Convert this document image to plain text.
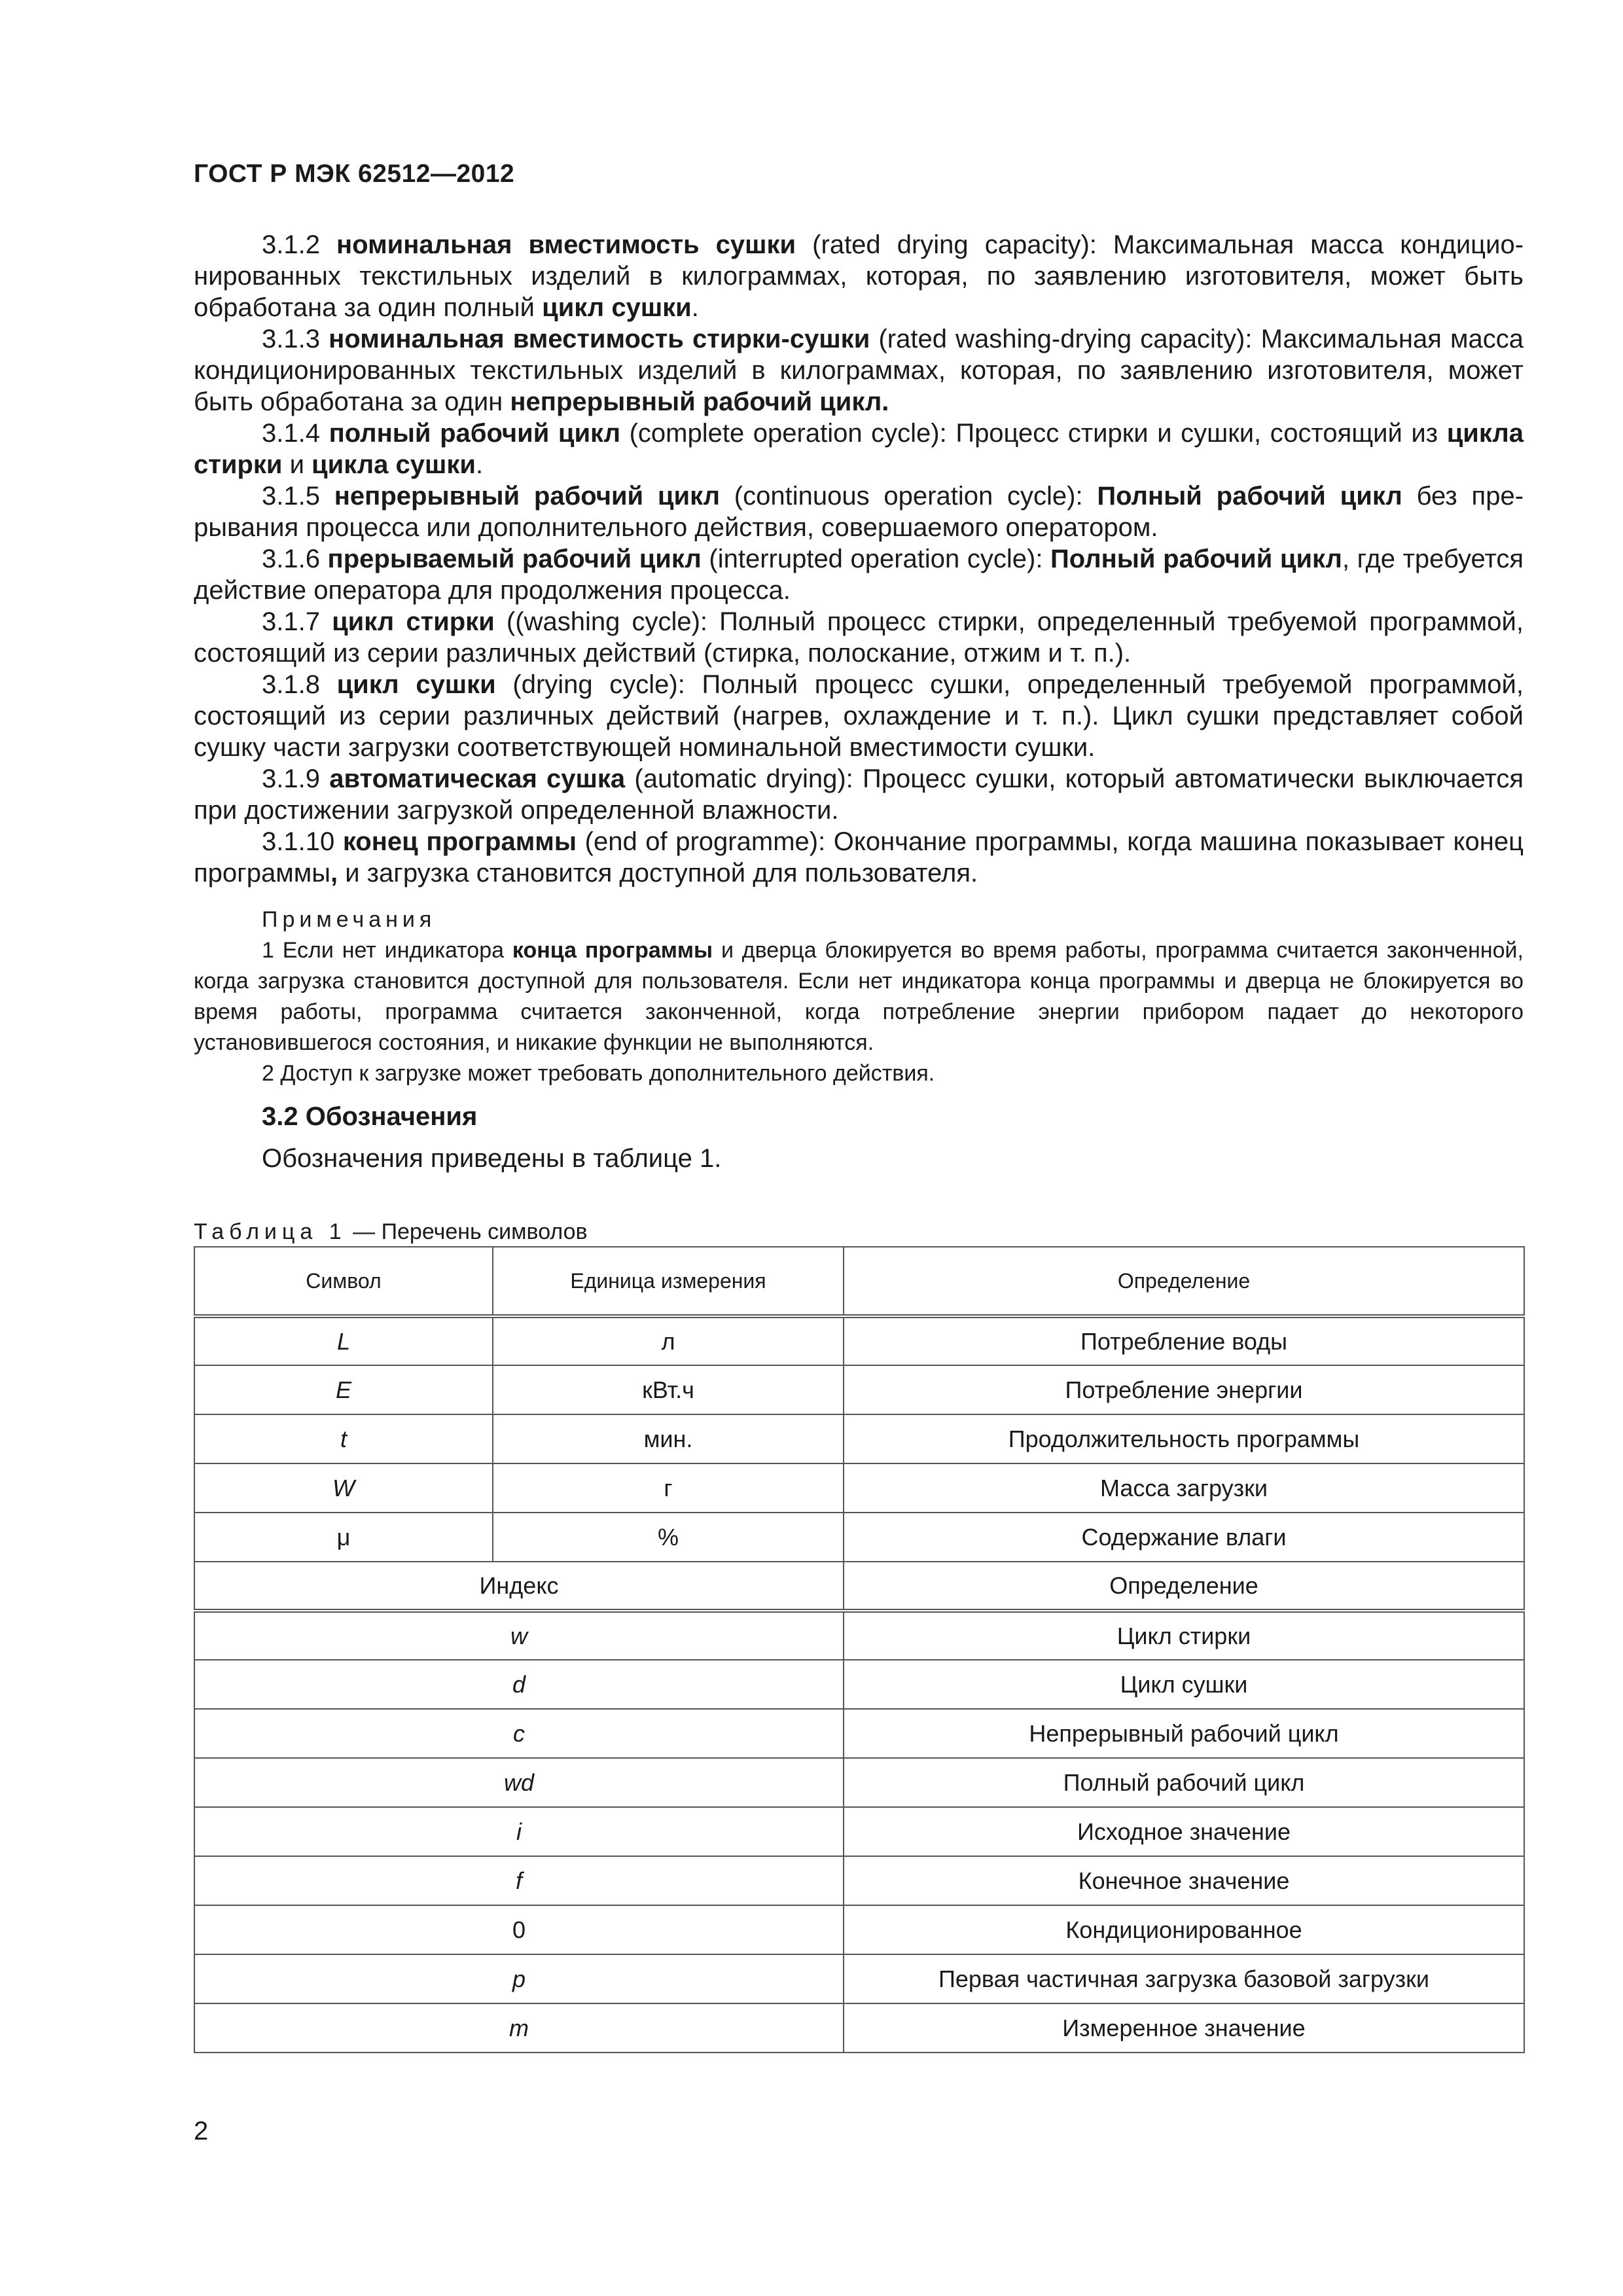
ГОСТ Р МЭК 62512—2012

3.1.2 номинальная вместимость сушки (rated drying capacity): Максимальная масса кондиционированных текстильных изделий в килограммах, которая, по заявлению изготовителя, может быть обработана за один полный цикл сушки.

3.1.3 номинальная вместимость стирки-сушки (rated washing-drying capacity): Максимальная масса кондиционированных текстильных изделий в килограммах, которая, по заявлению изготовителя, может быть обработана за один непрерывный рабочий цикл.

3.1.4 полный рабочий цикл (complete operation cycle): Процесс стирки и сушки, состоящий из цикла стирки и цикла сушки.

3.1.5 непрерывный рабочий цикл (continuous operation cycle): Полный рабочий цикл без прерывания процесса или дополнительного действия, совершаемого оператором.

3.1.6 прерываемый рабочий цикл (interrupted operation cycle): Полный рабочий цикл, где требуется действие оператора для продолжения процесса.

3.1.7 цикл стирки ((washing cycle): Полный процесс стирки, определенный требуемой программой, состоящий из серии различных действий (стирка, полоскание, отжим и т. п.).

3.1.8 цикл сушки (drying cycle): Полный процесс сушки, определенный требуемой программой, состоящий из серии различных действий (нагрев, охлаждение и т. п.). Цикл сушки представляет собой сушку части загрузки соответствующей номинальной вместимости сушки.

3.1.9 автоматическая сушка (automatic drying): Процесс сушки, который автоматически выключается при достижении загрузкой определенной влажности.

3.1.10 конец программы (end of programme): Окончание программы, когда машина показывает конец программы, и загрузка становится доступной для пользователя.

Примечания

1 Если нет индикатора конца программы и дверца блокируется во время работы, программа считается законченной, когда загрузка становится доступной для пользователя. Если нет индикатора конца программы и дверца не блокируется во время работы, программа считается законченной, когда потребление энергии прибором падает до некоторого установившегося состояния, и никакие функции не выполняются.

2 Доступ к загрузке может требовать дополнительного действия.

3.2 Обозначения
Обозначения приведены в таблице 1.
Таблица 1 — Перечень символов
Символ	Единица измерения	Определение
L	л	Потребление воды
E	кВт.ч	Потребление энергии
t	мин.	Продолжительность программы
W	г	Масса загрузки
μ	%	Содержание влаги
Индекс		Определение
w		Цикл стирки
d		Цикл сушки
c		Непрерывный рабочий цикл
wd		Полный рабочий цикл
i		Исходное значение
f		Конечное значение
0		Кондиционированное
p		Первая частичная загрузка базовой загрузки
m		Измеренное значение
2
